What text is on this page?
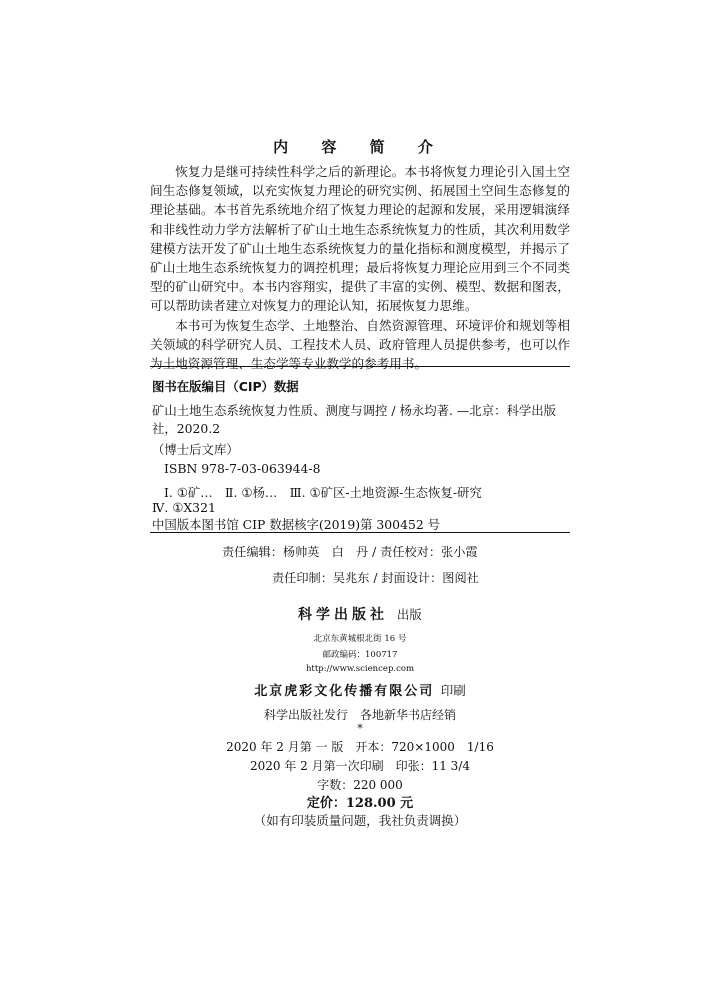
内 容 简 介

恢复力是继可持续性科学之后的新理论。本书将恢复力理论引入国土空间生态修复领域，以充实恢复力理论的研究实例、拓展国土空间生态修复的理论基础。本书首先系统地介绍了恢复力理论的起源和发展，采用逻辑演绎和非线性动力学方法解析了矿山土地生态系统恢复力的性质，其次利用数学建模方法开发了矿山土地生态系统恢复力的量化指标和测度模型，并揭示了矿山土地生态系统恢复力的调控机理；最后将恢复力理论应用到三个不同类型的矿山研究中。本书内容翔实，提供了丰富的实例、模型、数据和图表，可以帮助读者建立对恢复力的理论认知，拓展恢复力思维。

本书可为恢复生态学、土地整治、自然资源管理、环境评价和规划等相关领域的科学研究人员、工程技术人员、政府管理人员提供参考，也可以作为土地资源管理、生态学等专业教学的参考用书。

图书在版编目（CIP）数据
矿山土地生态系统恢复力性质、测度与调控 / 杨永均著. —北京：科学出版社，2020.2
（博士后文库）
ISBN 978-7-03-063944-8
Ⅰ. ①矿…　Ⅱ. ①杨…　Ⅲ. ①矿区-土地资源-生态恢复-研究
Ⅳ. ①X321
中国版本图书馆 CIP 数据核字(2019)第 300452 号
责任编辑：杨帅英　白　丹 / 责任校对：张小霞
责任印制：吴兆东 / 封面设计：图阅社
科学出版社 出版
北京东黄城根北街 16 号
邮政编码：100717
http://www.sciencep.com
北京虎彩文化传播有限公司 印刷
科学出版社发行　各地新华书店经销
*
2020 年 2 月第 一 版　开本：720×1000　1/16
2020 年 2 月第一次印刷　印张：11 3/4
字数：220 000
定价：128.00 元
（如有印装质量问题，我社负责调换）
